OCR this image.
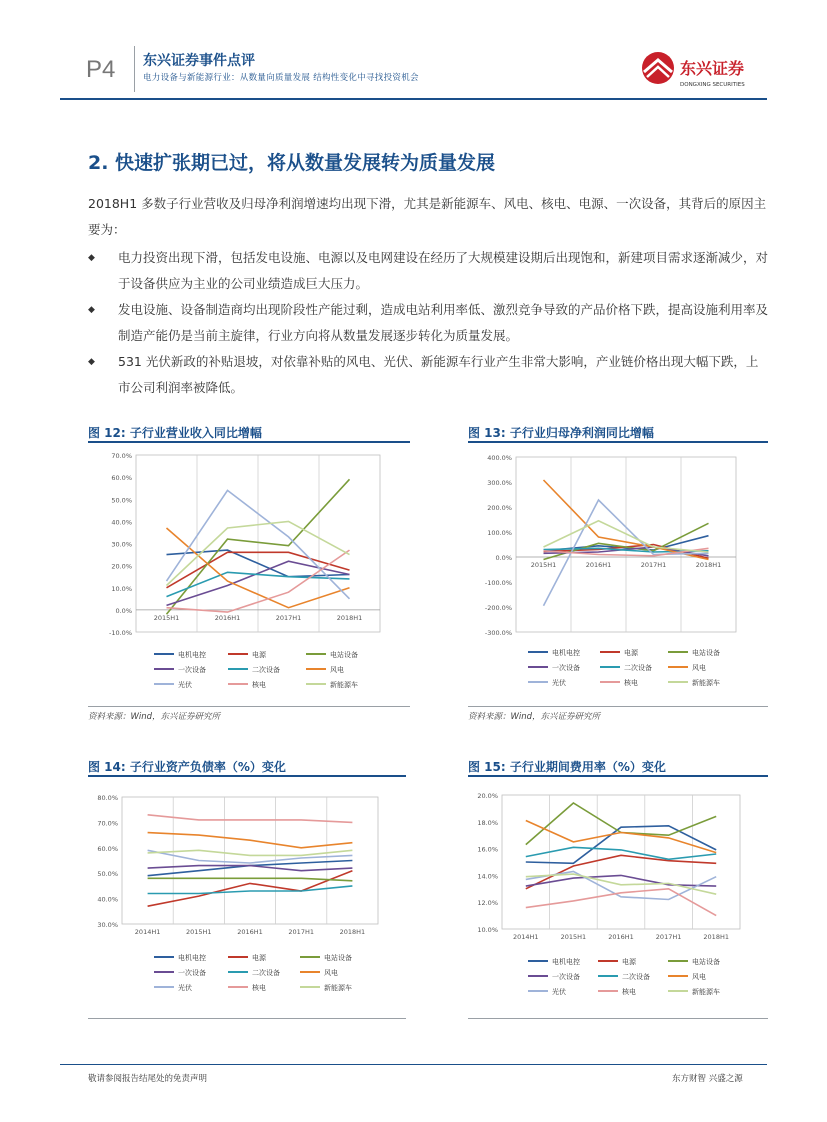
P4 东兴证券事件点评
电力设备与新能源行业：从数量向质量发展 结构性变化中寻找投资机会	东兴证券
DONGXING SECURITIES
2. 快速扩张期已过，将从数量发展转为质量发展
2018H1 多数子行业营收及归母净利润增速均出现下滑，尤其是新能源车、风电、核电、电源、一次设备，其背后的原因主要为：
◆ 电力投资出现下滑，包括发电设施、电源以及电网建设在经历了大规模建设期后出现饱和，新建项目需求逐渐减少，对于设备供应为主业的公司业绩造成巨大压力。
◆ 发电设施、设备制造商均出现阶段性产能过剩，造成电站利用率低、激烈竞争导致的产品价格下跌，提高设施利用率及制造产能仍是当前主旋律，行业方向将从数量发展逐步转化为质量发展。
◆ 531 光伏新政的补贴退坡，对依靠补贴的风电、光伏、新能源车行业产生非常大影响，产业链价格出现大幅下跌，上市公司利润率被降低。
图 12: 子行业营业收入同比增幅
70.0%
60.0%
50.0%
40.0%
30.0%
20.0%
10.0%
0.0%
-10.0%
2015H1	2016H1	2017H1	2018H1
电机电控	电源	电站设备
一次设备	二次设备	风电
光伏	核电	新能源车
资料来源：Wind，东兴证券研究所
图 13: 子行业归母净利润同比增幅
400.0%
300.0%
200.0%
100.0%
0.0%
-100.0%
-200.0%
-300.0%
2015H1	2016H1	2017H1	2018H1
电机电控	电源	电站设备
一次设备	二次设备	风电
光伏	核电	新能源车
资料来源：Wind，东兴证券研究所
图 14: 子行业资产负债率（%）变化
80.0%
70.0%
60.0%
50.0%
40.0%
30.0%
2014H1	2015H1	2016H1	2017H1	2018H1
电机电控	电源	电站设备
一次设备	二次设备	风电
光伏	核电	新能源车
图 15: 子行业期间费用率（%）变化
20.0%
18.0%
16.0%
14.0%
12.0%
10.0%
2014H1	2015H1	2016H1	2017H1	2018H1
电机电控	电源	电站设备
一次设备	二次设备	风电
光伏	核电	新能源车
敬请参阅报告结尾处的免责声明	东方财智 兴盛之源
